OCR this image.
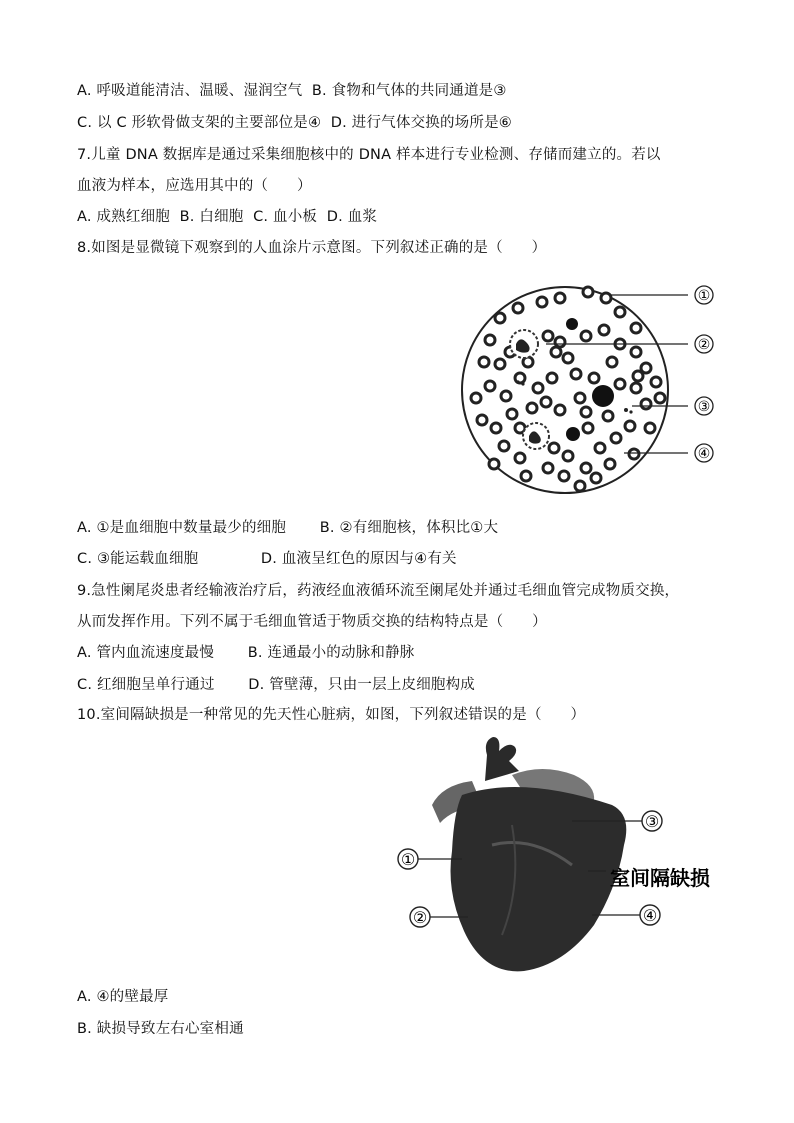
A. 呼吸道能清洁、温暖、湿润空气  B. 食物和气体的共同通道是③
C. 以 C 形软骨做支架的主要部位是④  D. 进行气体交换的场所是⑥
7.儿童 DNA 数据库是通过采集细胞核中的 DNA 样本进行专业检测、存储而建立的。若以
血液为样本，应选用其中的（      ）
A. 成熟红细胞  B. 白细胞  C. 血小板  D. 血浆
8.如图是显微镜下观察到的人血涂片示意图。下列叙述正确的是（      ）
①
②
③
④
A. ①是血细胞中数量最少的细胞       B. ②有细胞核，体积比①大
C. ③能运载血细胞             D. 血液呈红色的原因与④有关
9.急性阑尾炎患者经输液治疗后，药液经血液循环流至阑尾处并通过毛细血管完成物质交换，
从而发挥作用。下列不属于毛细血管适于物质交换的结构特点是（      ）
A. 管内血流速度最慢       B. 连通最小的动脉和静脉
C. 红细胞呈单行通过       D. 管壁薄，只由一层上皮细胞构成
10.室间隔缺损是一种常见的先天性心脏病，如图，下列叙述错误的是（      ）
①
②
③
④
室间隔缺损
A. ④的壁最厚
B. 缺损导致左右心室相通
